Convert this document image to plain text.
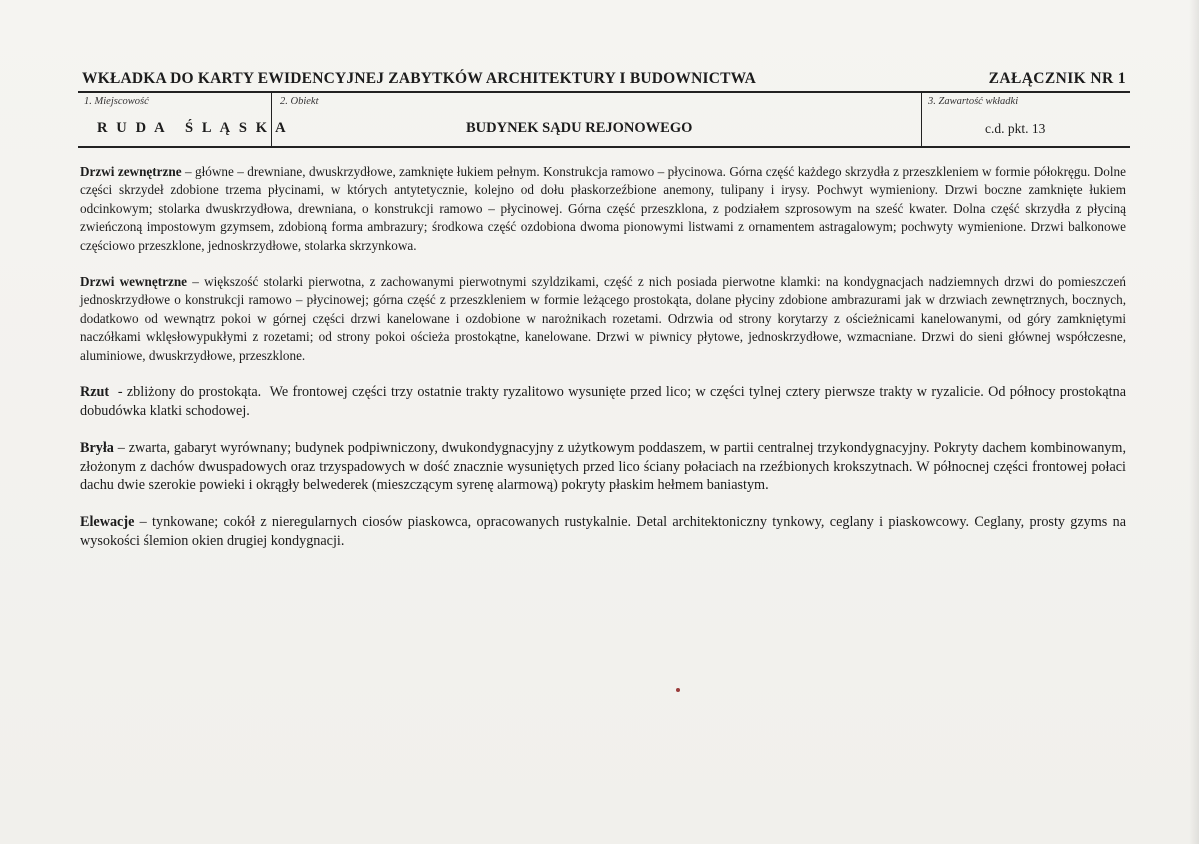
WKŁADKA DO KARTY EWIDENCYJNEJ ZABYTKÓW ARCHITEKTURY I BUDOWNICTWA	ZAŁĄCZNIK NR 1
1. Miejscowość
R U D A   Ś L Ą S K A
2. Obiekt
BUDYNEK SĄDU REJONOWEGO
3. Zawartość wkładki
c.d. pkt. 13

Drzwi zewnętrzne – główne – drewniane, dwuskrzydłowe, zamknięte łukiem pełnym. Konstrukcja ramowo – płycinowa. Górna część każdego skrzydła z przeszkleniem w formie półokręgu. Dolne części skrzydeł zdobione trzema płycinami, w których antytetycznie, kolejno od dołu płaskorzeźbione anemony, tulipany i irysy. Pochwyt wymieniony. Drzwi boczne zamknięte łukiem odcinkowym; stolarka dwuskrzydłowa, drewniana, o konstrukcji ramowo – płycinowej. Górna część przeszklona, z podziałem szprosowym na sześć kwater. Dolna część skrzydła z płyciną zwieńczoną impostowym gzymsem, zdobioną forma ambrazury; środkowa część ozdobiona dwoma pionowymi listwami z ornamentem astragalowym; pochwyty wymienione. Drzwi balkonowe częściowo przeszklone, jednoskrzydłowe, stolarka skrzynkowa.

Drzwi wewnętrzne – większość stolarki pierwotna, z zachowanymi pierwotnymi szyldzikami, część z nich posiada pierwotne klamki: na kondygnacjach nadziemnych drzwi do pomieszczeń jednoskrzydłowe o konstrukcji ramowo – płycinowej; górna część z przeszkleniem w formie leżącego prostokąta, dolane płyciny zdobione ambrazurami jak w drzwiach zewnętrznych, bocznych, dodatkowo od wewnątrz pokoi w górnej części drzwi kanelowane i ozdobione w narożnikach rozetami. Odrzwia od strony korytarzy z ościeżnicami kanelowanymi, od góry zamkniętymi naczółkami wklęsłowypukłymi z rozetami; od strony pokoi ościeża prostokątne, kanelowane. Drzwi w piwnicy płytowe, jednoskrzydłowe, wzmacniane. Drzwi do sieni głównej współczesne, aluminiowe, dwuskrzydłowe, przeszklone.

Rzut  - zbliżony do prostokąta.  We frontowej części trzy ostatnie trakty ryzalitowo wysunięte przed lico; w części tylnej cztery pierwsze trakty w ryzalicie. Od północy prostokątna dobudówka klatki schodowej.

Bryła – zwarta, gabaryt wyrównany; budynek podpiwniczony, dwukondygnacyjny z użytkowym poddaszem, w partii centralnej trzykondygnacyjny. Pokryty dachem kombinowanym, złożonym z dachów dwuspadowych oraz trzyspadowych w dość znacznie wysuniętych przed lico ściany połaciach na rzeźbionych krokszytnach. W północnej części frontowej połaci dachu dwie szerokie powieki i okrągły belwederek (mieszczącym syrenę alarmową) pokryty płaskim hełmem baniastym.

Elewacje – tynkowane; cokół z nieregularnych ciosów piaskowca, opracowanych rustykalnie. Detal architektoniczny tynkowy, ceglany i piaskowcowy. Ceglany, prosty gzyms na wysokości ślemion okien drugiej kondygnacji.
